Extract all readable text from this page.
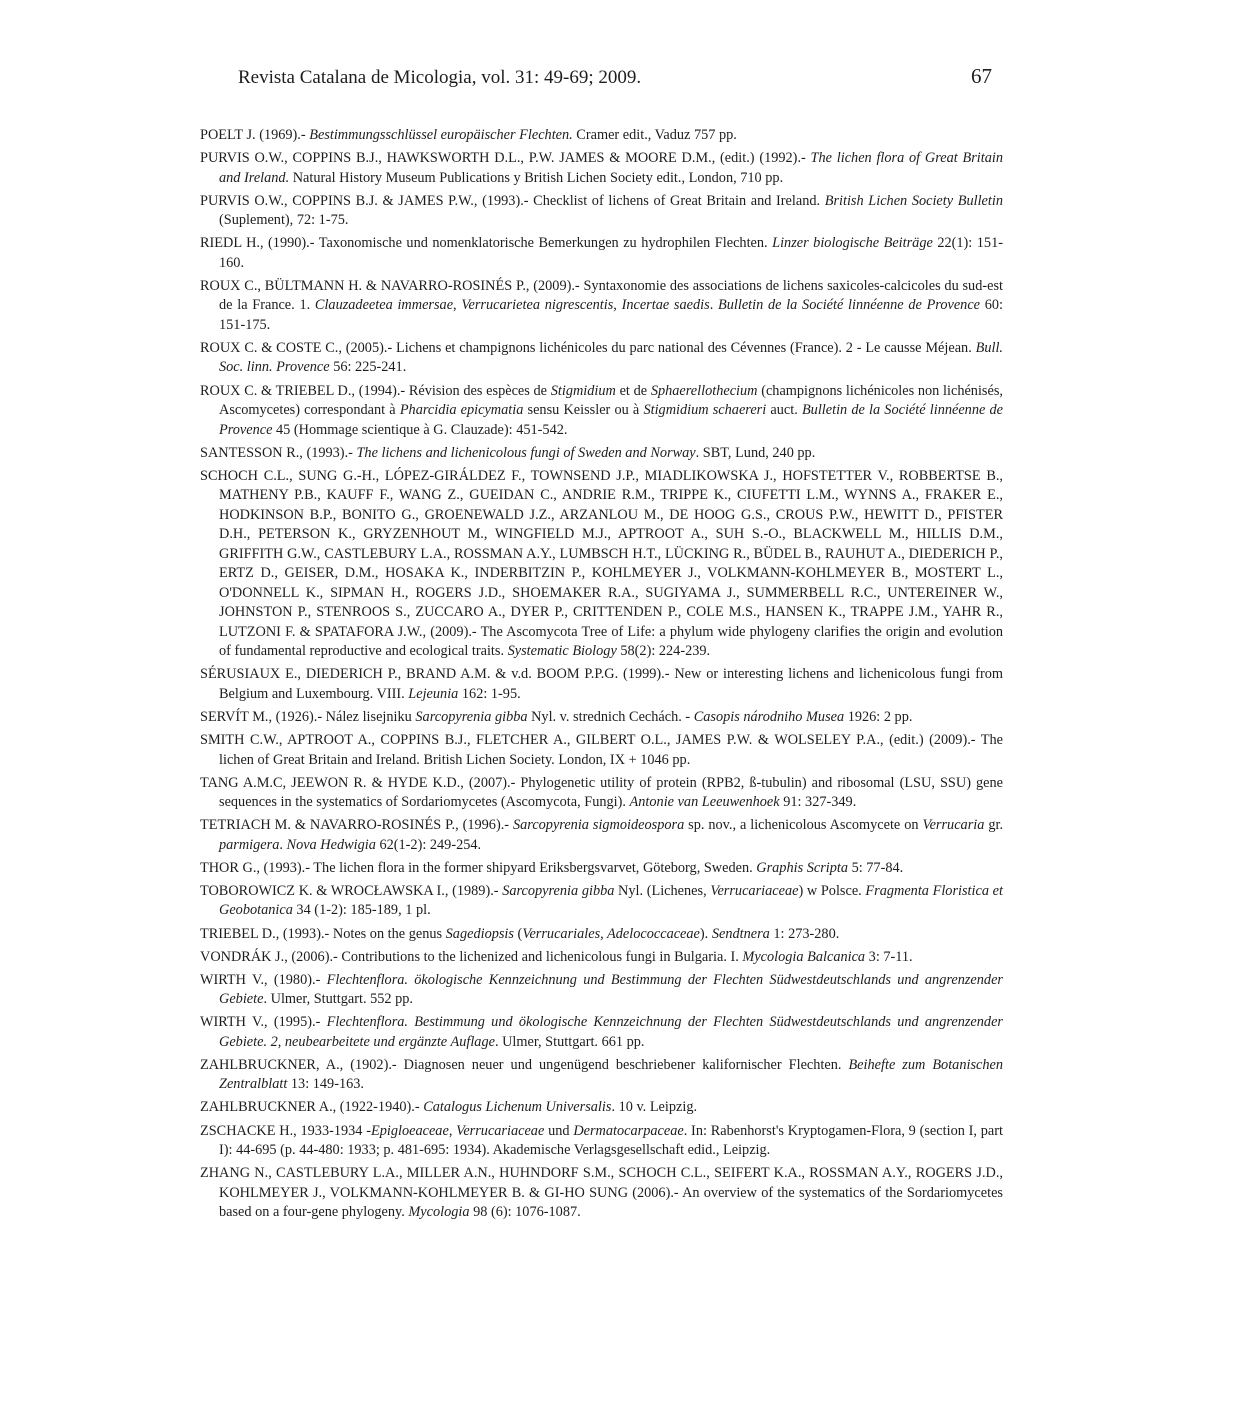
Revista Catalana de Micologia, vol. 31: 49-69; 2009.	67

POELT J. (1969).- Bestimmungsschlüssel europäischer Flechten. Cramer edit., Vaduz 757 pp.

PURVIS O.W., COPPINS B.J., HAWKSWORTH D.L., P.W. JAMES & MOORE D.M., (edit.) (1992).- The lichen flora of Great Britain and Ireland. Natural History Museum Publications y British Lichen Society edit., London, 710 pp.

PURVIS O.W., COPPINS B.J. & JAMES P.W., (1993).- Checklist of lichens of Great Britain and Ireland. British Lichen Society Bulletin (Suplement), 72: 1-75.

RIEDL H., (1990).- Taxonomische und nomenklatorische Bemerkungen zu hydrophilen Flechten. Linzer biologische Beiträge 22(1): 151-160.

ROUX C., BÜLTMANN H. & NAVARRO-ROSINÉS P., (2009).- Syntaxonomie des associations de lichens saxicoles-calcicoles du sud-est de la France. 1. Clauzadeetea immersae, Verrucarietea nigrescentis, Incertae saedis. Bulletin de la Société linnéenne de Provence 60: 151-175.

ROUX C. & COSTE C., (2005).- Lichens et champignons lichénicoles du parc national des Cévennes (France). 2 - Le causse Méjean. Bull. Soc. linn. Provence 56: 225-241.

ROUX C. & TRIEBEL D., (1994).- Révision des espèces de Stigmidium et de Sphaerellothecium (champignons lichénicoles non lichénisés, Ascomycetes) correspondant à Pharcidia epicymatia sensu Keissler ou à Stigmidium schaereri auct. Bulletin de la Société linnéenne de Provence 45 (Hommage scientique à G. Clauzade): 451-542.

SANTESSON R., (1993).- The lichens and lichenicolous fungi of Sweden and Norway. SBT, Lund, 240 pp.

SCHOCH C.L., SUNG G.-H., LÓPEZ-GIRÁLDEZ F., TOWNSEND J.P., MIADLIKOWSKA J., HOFSTETTER V., ROBBERTSE B., MATHENY P.B., KAUFF F., WANG Z., GUEIDAN C., ANDRIE R.M., TRIPPE K., CIUFETTI L.M., WYNNS A., FRAKER E., HODKINSON B.P., BONITO G., GROENEWALD J.Z., ARZANLOU M., DE HOOG G.S., CROUS P.W., HEWITT D., PFISTER D.H., PETERSON K., GRYZENHOUT M., WINGFIELD M.J., APTROOT A., SUH S.-O., BLACKWELL M., HILLIS D.M., GRIFFITH G.W., CASTLEBURY L.A., ROSSMAN A.Y., LUMBSCH H.T., LÜCKING R., BÜDEL B., RAUHUT A., DIEDERICH P., ERTZ D., GEISER, D.M., HOSAKA K., INDERBITZIN P., KOHLMEYER J., VOLKMANN-KOHLMEYER B., MOSTERT L., O'DONNELL K., SIPMAN H., ROGERS J.D., SHOEMAKER R.A., SUGIYAMA J., SUMMERBELL R.C., UNTEREINER W., JOHNSTON P., STENROOS S., ZUCCARO A., DYER P., CRITTENDEN P., COLE M.S., HANSEN K., TRAPPE J.M., YAHR R., LUTZONI F. & SPATAFORA J.W., (2009).- The Ascomycota Tree of Life: a phylum wide phylogeny clarifies the origin and evolution of fundamental reproductive and ecological traits. Systematic Biology 58(2): 224-239.

SÉRUSIAUX E., DIEDERICH P., BRAND A.M. & v.d. BOOM P.P.G. (1999).- New or interesting lichens and lichenicolous fungi from Belgium and Luxembourg. VIII. Lejeunia 162: 1-95.

SERVÍT M., (1926).- Nález lisejniku Sarcopyrenia gibba Nyl. v. strednich Cechách. - Casopis národniho Musea 1926: 2 pp.

SMITH C.W., APTROOT A., COPPINS B.J., FLETCHER A., GILBERT O.L., JAMES P.W. & WOLSELEY P.A., (edit.) (2009).- The lichen of Great Britain and Ireland. British Lichen Society. London, IX + 1046 pp.

TANG A.M.C, JEEWON R. & HYDE K.D., (2007).- Phylogenetic utility of protein (RPB2, ß-tubulin) and ribosomal (LSU, SSU) gene sequences in the systematics of Sordariomycetes (Ascomycota, Fungi). Antonie van Leeuwenhoek 91: 327-349.

TETRIACH M. & NAVARRO-ROSINÉS P., (1996).- Sarcopyrenia sigmoideospora sp. nov., a lichenicolous Ascomycete on Verrucaria gr. parmigera. Nova Hedwigia 62(1-2): 249-254.

THOR G., (1993).- The lichen flora in the former shipyard Eriksbergsvarvet, Göteborg, Sweden. Graphis Scripta 5: 77-84.

TOBOROWICZ K. & WROCŁAWSKA I., (1989).- Sarcopyrenia gibba Nyl. (Lichenes, Verrucariaceae) w Polsce. Fragmenta Floristica et Geobotanica 34 (1-2): 185-189, 1 pl.

TRIEBEL D., (1993).- Notes on the genus Sagediopsis (Verrucariales, Adelococcaceae). Sendtnera 1: 273-280.

VONDRÁK J., (2006).- Contributions to the lichenized and lichenicolous fungi in Bulgaria. I. Mycologia Balcanica 3: 7-11.

WIRTH V., (1980).- Flechtenflora. ökologische Kennzeichnung und Bestimmung der Flechten Südwestdeutschlands und angrenzender Gebiete. Ulmer, Stuttgart. 552 pp.

WIRTH V., (1995).- Flechtenflora. Bestimmung und ökologische Kennzeichnung der Flechten Südwestdeutschlands und angrenzender Gebiete. 2, neubearbeitete und ergänzte Auflage. Ulmer, Stuttgart. 661 pp.

ZAHLBRUCKNER, A., (1902).- Diagnosen neuer und ungenügend beschriebener kalifornischer Flechten. Beihefte zum Botanischen Zentralblatt 13: 149-163.

ZAHLBRUCKNER A., (1922-1940).- Catalogus Lichenum Universalis. 10 v. Leipzig.

ZSCHACKE H., 1933-1934 -Epigloeaceae, Verrucariaceae und Dermatocarpaceae. In: Rabenhorst's Kryptogamen-Flora, 9 (section I, part I): 44-695 (p. 44-480: 1933; p. 481-695: 1934). Akademische Verlagsgesellschaft edid., Leipzig.

ZHANG N., CASTLEBURY L.A., MILLER A.N., HUHNDORF S.M., SCHOCH C.L., SEIFERT K.A., ROSSMAN A.Y., ROGERS J.D., KOHLMEYER J., VOLKMANN-KOHLMEYER B. & GI-HO SUNG (2006).- An overview of the systematics of the Sordariomycetes based on a four-gene phylogeny. Mycologia 98 (6): 1076-1087.
